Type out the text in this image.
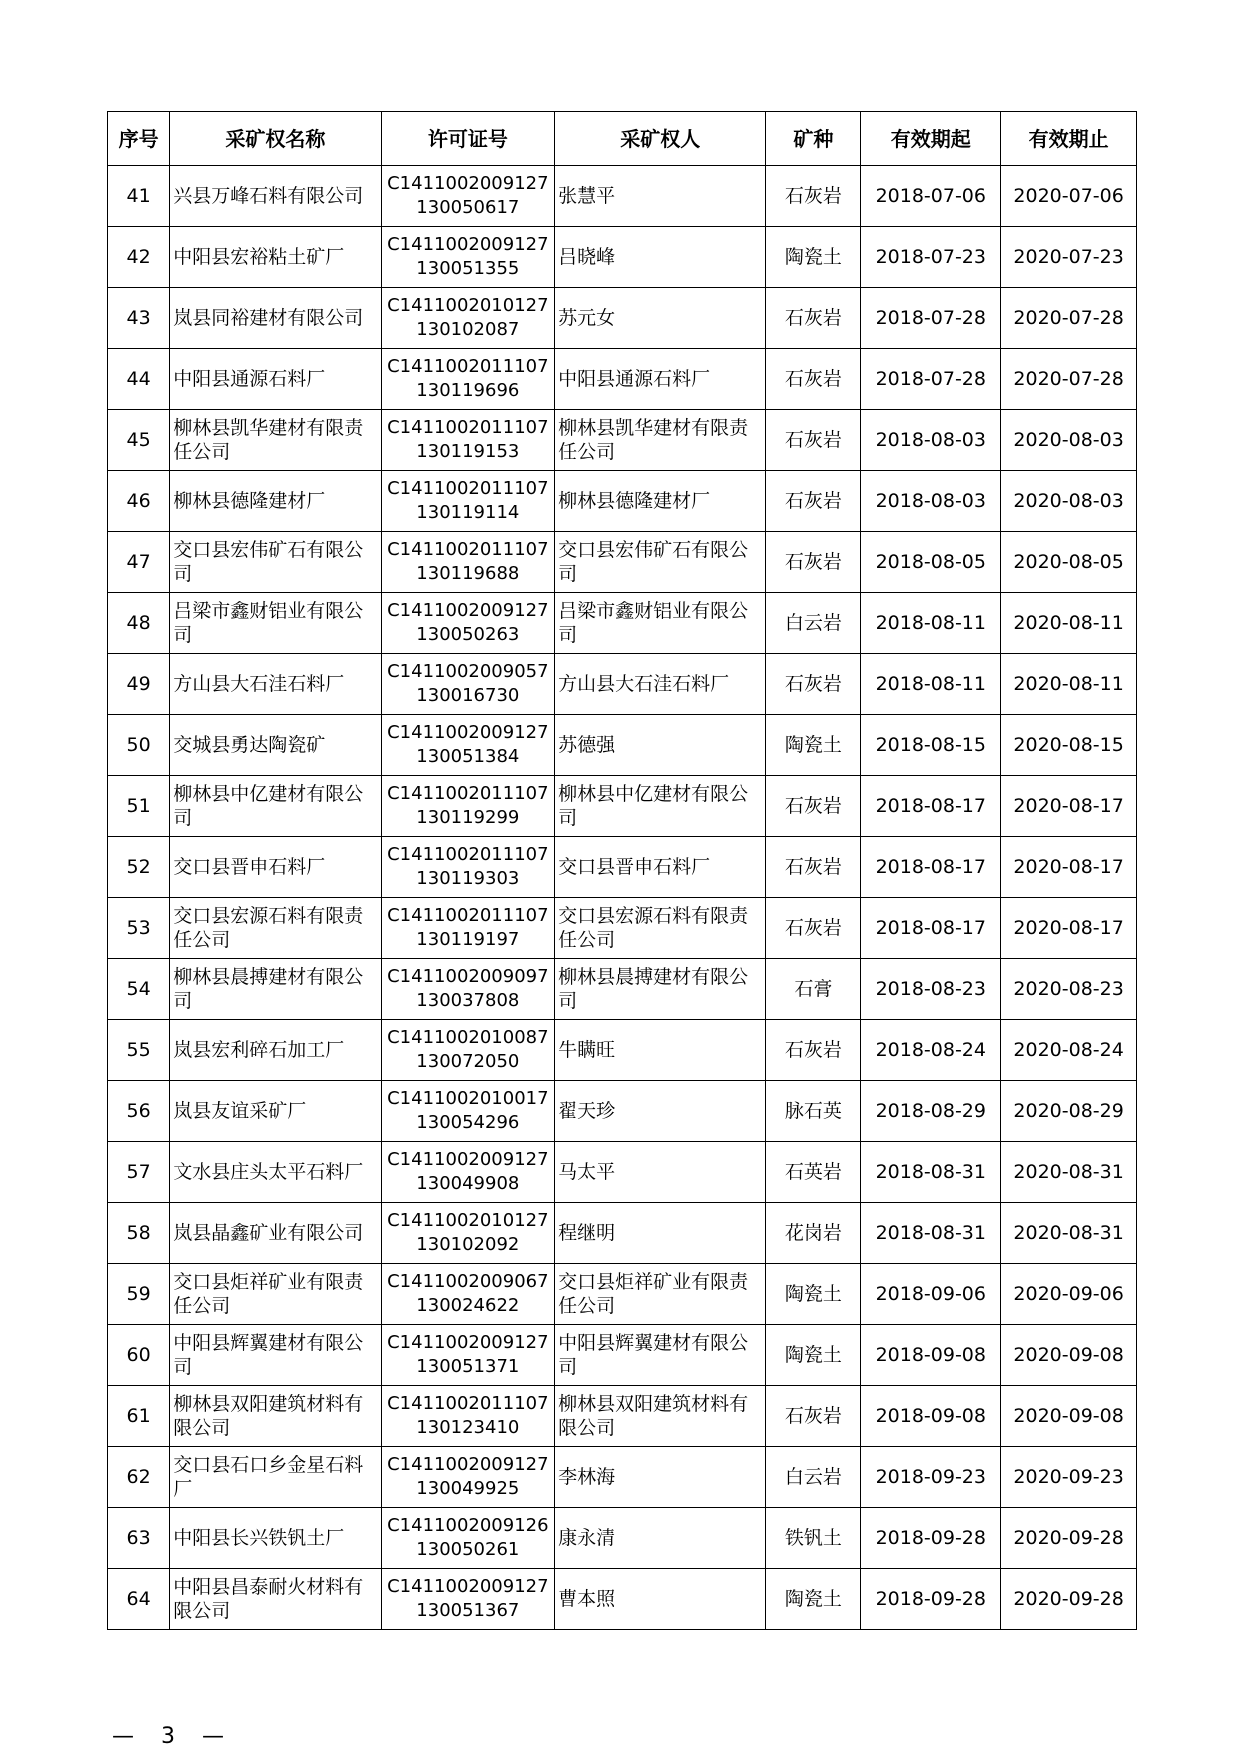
序号	采矿权名称	许可证号	采矿权人	矿种	有效期起	有效期止
41	兴县万峰石料有限公司	C1411002009127130050617	张慧平	石灰岩	2018-07-06	2020-07-06
42	中阳县宏裕粘土矿厂	C1411002009127130051355	吕晓峰	陶瓷土	2018-07-23	2020-07-23
43	岚县同裕建材有限公司	C1411002010127130102087	苏元女	石灰岩	2018-07-28	2020-07-28
44	中阳县通源石料厂	C1411002011107130119696	中阳县通源石料厂	石灰岩	2018-07-28	2020-07-28
45	柳林县凯华建材有限责任公司	C1411002011107130119153	柳林县凯华建材有限责任公司	石灰岩	2018-08-03	2020-08-03
46	柳林县德隆建材厂	C1411002011107130119114	柳林县德隆建材厂	石灰岩	2018-08-03	2020-08-03
47	交口县宏伟矿石有限公司	C1411002011107130119688	交口县宏伟矿石有限公司	石灰岩	2018-08-05	2020-08-05
48	吕梁市鑫财铝业有限公司	C1411002009127130050263	吕梁市鑫财铝业有限公司	白云岩	2018-08-11	2020-08-11
49	方山县大石洼石料厂	C1411002009057130016730	方山县大石洼石料厂	石灰岩	2018-08-11	2020-08-11
50	交城县勇达陶瓷矿	C1411002009127130051384	苏德强	陶瓷土	2018-08-15	2020-08-15
51	柳林县中亿建材有限公司	C1411002011107130119299	柳林县中亿建材有限公司	石灰岩	2018-08-17	2020-08-17
52	交口县晋申石料厂	C1411002011107130119303	交口县晋申石料厂	石灰岩	2018-08-17	2020-08-17
53	交口县宏源石料有限责任公司	C1411002011107130119197	交口县宏源石料有限责任公司	石灰岩	2018-08-17	2020-08-17
54	柳林县晨搏建材有限公司	C1411002009097130037808	柳林县晨搏建材有限公司	石膏	2018-08-23	2020-08-23
55	岚县宏利碎石加工厂	C1411002010087130072050	牛瞒旺	石灰岩	2018-08-24	2020-08-24
56	岚县友谊采矿厂	C1411002010017130054296	翟天珍	脉石英	2018-08-29	2020-08-29
57	文水县庄头太平石料厂	C1411002009127130049908	马太平	石英岩	2018-08-31	2020-08-31
58	岚县晶鑫矿业有限公司	C1411002010127130102092	程继明	花岗岩	2018-08-31	2020-08-31
59	交口县炬祥矿业有限责任公司	C1411002009067130024622	交口县炬祥矿业有限责任公司	陶瓷土	2018-09-06	2020-09-06
60	中阳县辉翼建材有限公司	C1411002009127130051371	中阳县辉翼建材有限公司	陶瓷土	2018-09-08	2020-09-08
61	柳林县双阳建筑材料有限公司	C1411002011107130123410	柳林县双阳建筑材料有限公司	石灰岩	2018-09-08	2020-09-08
62	交口县石口乡金星石料厂	C1411002009127130049925	李林海	白云岩	2018-09-23	2020-09-23
63	中阳县长兴铁钒土厂	C1411002009126130050261	康永清	铁钒土	2018-09-28	2020-09-28
64	中阳县昌泰耐火材料有限公司	C1411002009127130051367	曹本照	陶瓷土	2018-09-28	2020-09-28
— 3 —
